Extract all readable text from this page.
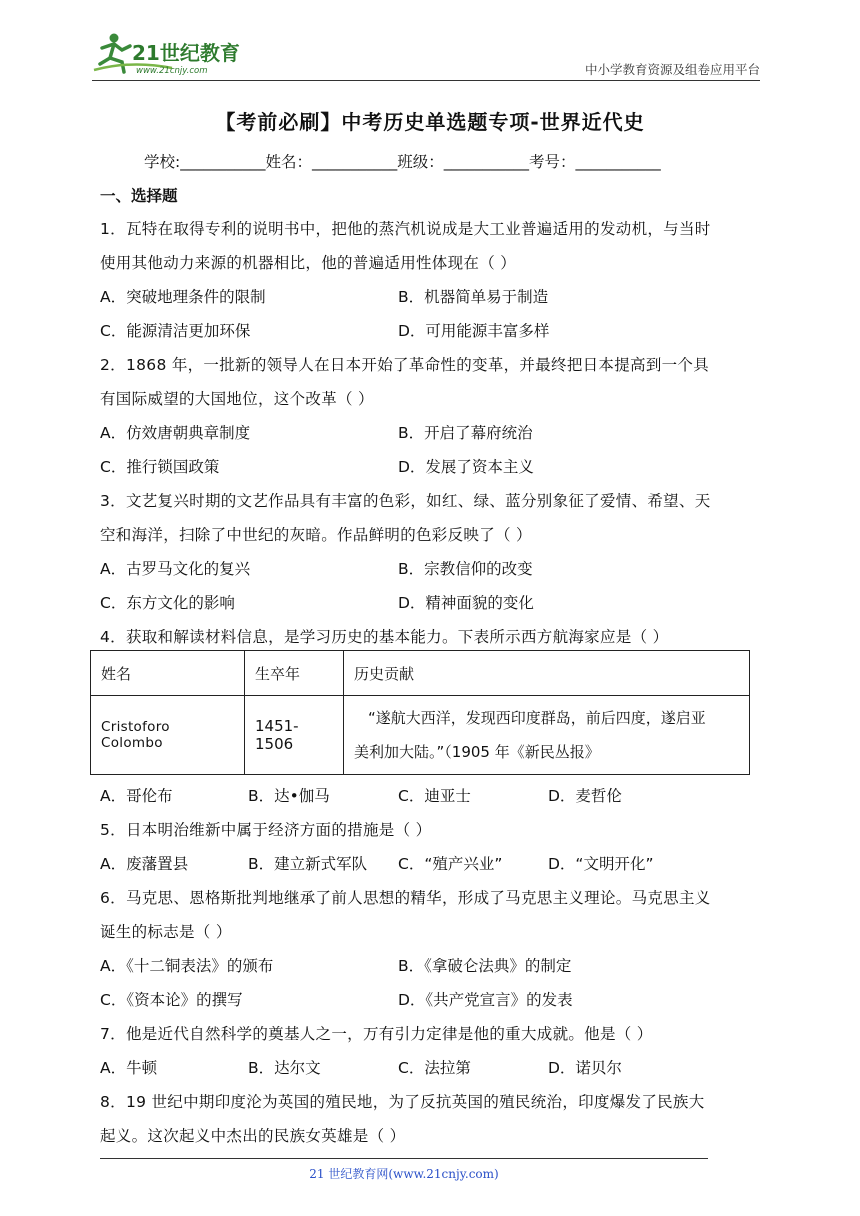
21世纪教育
www.21cnjy.com	中小学教育资源及组卷应用平台
【考前必刷】中考历史单选题专项-世界近代史
学校:___________姓名：___________班级：___________考号：___________
一、选择题
1．瓦特在取得专利的说明书中，把他的蒸汽机说成是大工业普遍适用的发动机，与当时
使用其他动力来源的机器相比，他的普遍适用性体现在（ ）
A．突破地理条件的限制	B．机器简单易于制造
C．能源清洁更加环保	D．可用能源丰富多样
2．1868 年，一批新的领导人在日本开始了革命性的变革，并最终把日本提高到一个具
有国际威望的大国地位，这个改革（ ）
A．仿效唐朝典章制度	B．开启了幕府统治
C．推行锁国政策	D．发展了资本主义
3．文艺复兴时期的文艺作品具有丰富的色彩，如红、绿、蓝分别象征了爱情、希望、天
空和海洋，扫除了中世纪的灰暗。作品鲜明的色彩反映了（ ）
A．古罗马文化的复兴	B．宗教信仰的改变
C．东方文化的影响	D．精神面貌的变化
4．获取和解读材料信息，是学习历史的基本能力。下表所示西方航海家应是（ ）
姓名	生卒年	历史贡献
Cristoforo Colombo	1451-1506	“遂航大西洋，发现西印度群岛，前后四度，遂启亚
美利加大陆。”（1905 年《新民丛报》
A．哥伦布	B．达•伽马	C．迪亚士	D．麦哲伦
5．日本明治维新中属于经济方面的措施是（ ）
A．废藩置县	B．建立新式军队 C．“殖产兴业”	D．“文明开化”
6．马克思、恩格斯批判地继承了前人思想的精华，形成了马克思主义理论。马克思主义
诞生的标志是（ ）
A．《十二铜表法》的颁布	B．《拿破仑法典》的制定
C．《资本论》的撰写	D．《共产党宣言》的发表
7．他是近代自然科学的奠基人之一，万有引力定律是他的重大成就。他是（ ）
A．牛顿	B．达尔文	C．法拉第	D．诺贝尔
8．19 世纪中期印度沦为英国的殖民地，为了反抗英国的殖民统治，印度爆发了民族大
起义。这次起义中杰出的民族女英雄是（ ）
21 世纪教育网(www.21cnjy.com)
